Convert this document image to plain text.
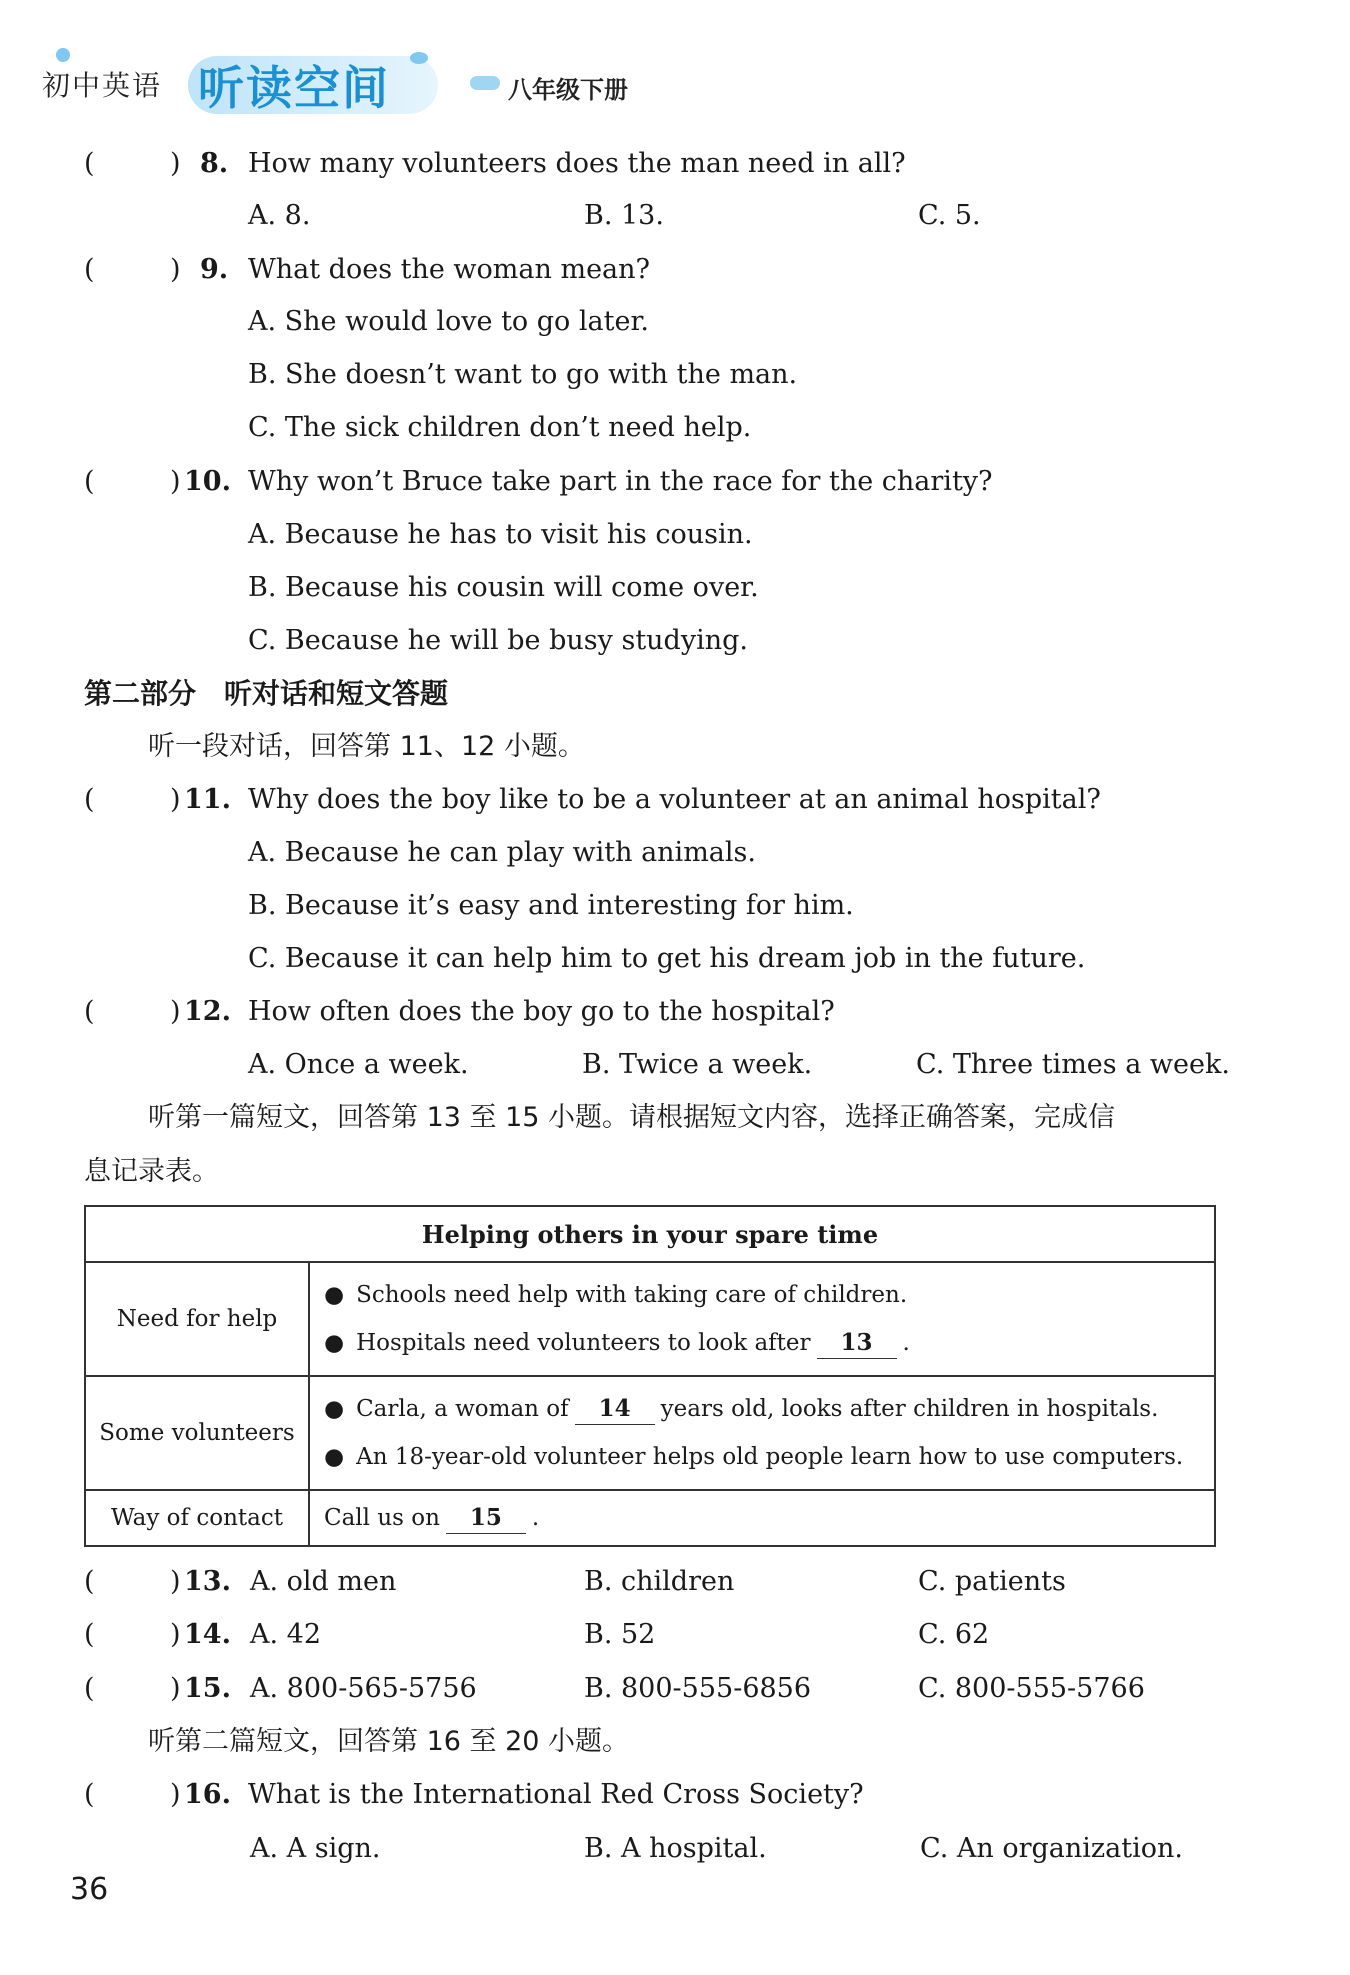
初中英语 听读空间	八年级下册
(	) 8. How many volunteers does the man need in all?
A. 8.	B. 13.	C. 5.
(	) 9. What does the woman mean?
A. She would love to go later.
B. She doesn’t want to go with the man.
C. The sick children don’t need help.
(	) 10. Why won’t Bruce take part in the race for the charity?
A. Because he has to visit his cousin.
B. Because his cousin will come over.
C. Because he will be busy studying.
第二部分　听对话和短文答题
听一段对话，回答第 11、12 小题。
(	) 11. Why does the boy like to be a volunteer at an animal hospital?
A. Because he can play with animals.
B. Because it’s easy and interesting for him.
C. Because it can help him to get his dream job in the future.
(	) 12. How often does the boy go to the hospital?
A. Once a week.	B. Twice a week.	C. Three times a week.
听第一篇短文，回答第 13 至 15 小题。请根据短文内容，选择正确答案，完成信
息记录表。
Helping others in your spare time	
Need for help	● Schools need help with taking care of children.
● Hospitals need volunteers to look after 13 .

Some volunteers	● Carla, a woman of 14 years old, looks after children in hospitals.
● An 18-year-old volunteer helps old people learn how to use computers.

Way of contact	Call us on 15 .
(	) 13. A. old men	B. children	C. patients
(	) 14. A. 42	B. 52	C. 62
(	) 15. A. 800-565-5756	B. 800-555-6856	C. 800-555-5766
听第二篇短文，回答第 16 至 20 小题。
(	) 16. What is the International Red Cross Society?
A. A sign.	B. A hospital.	C. An organization.
36
